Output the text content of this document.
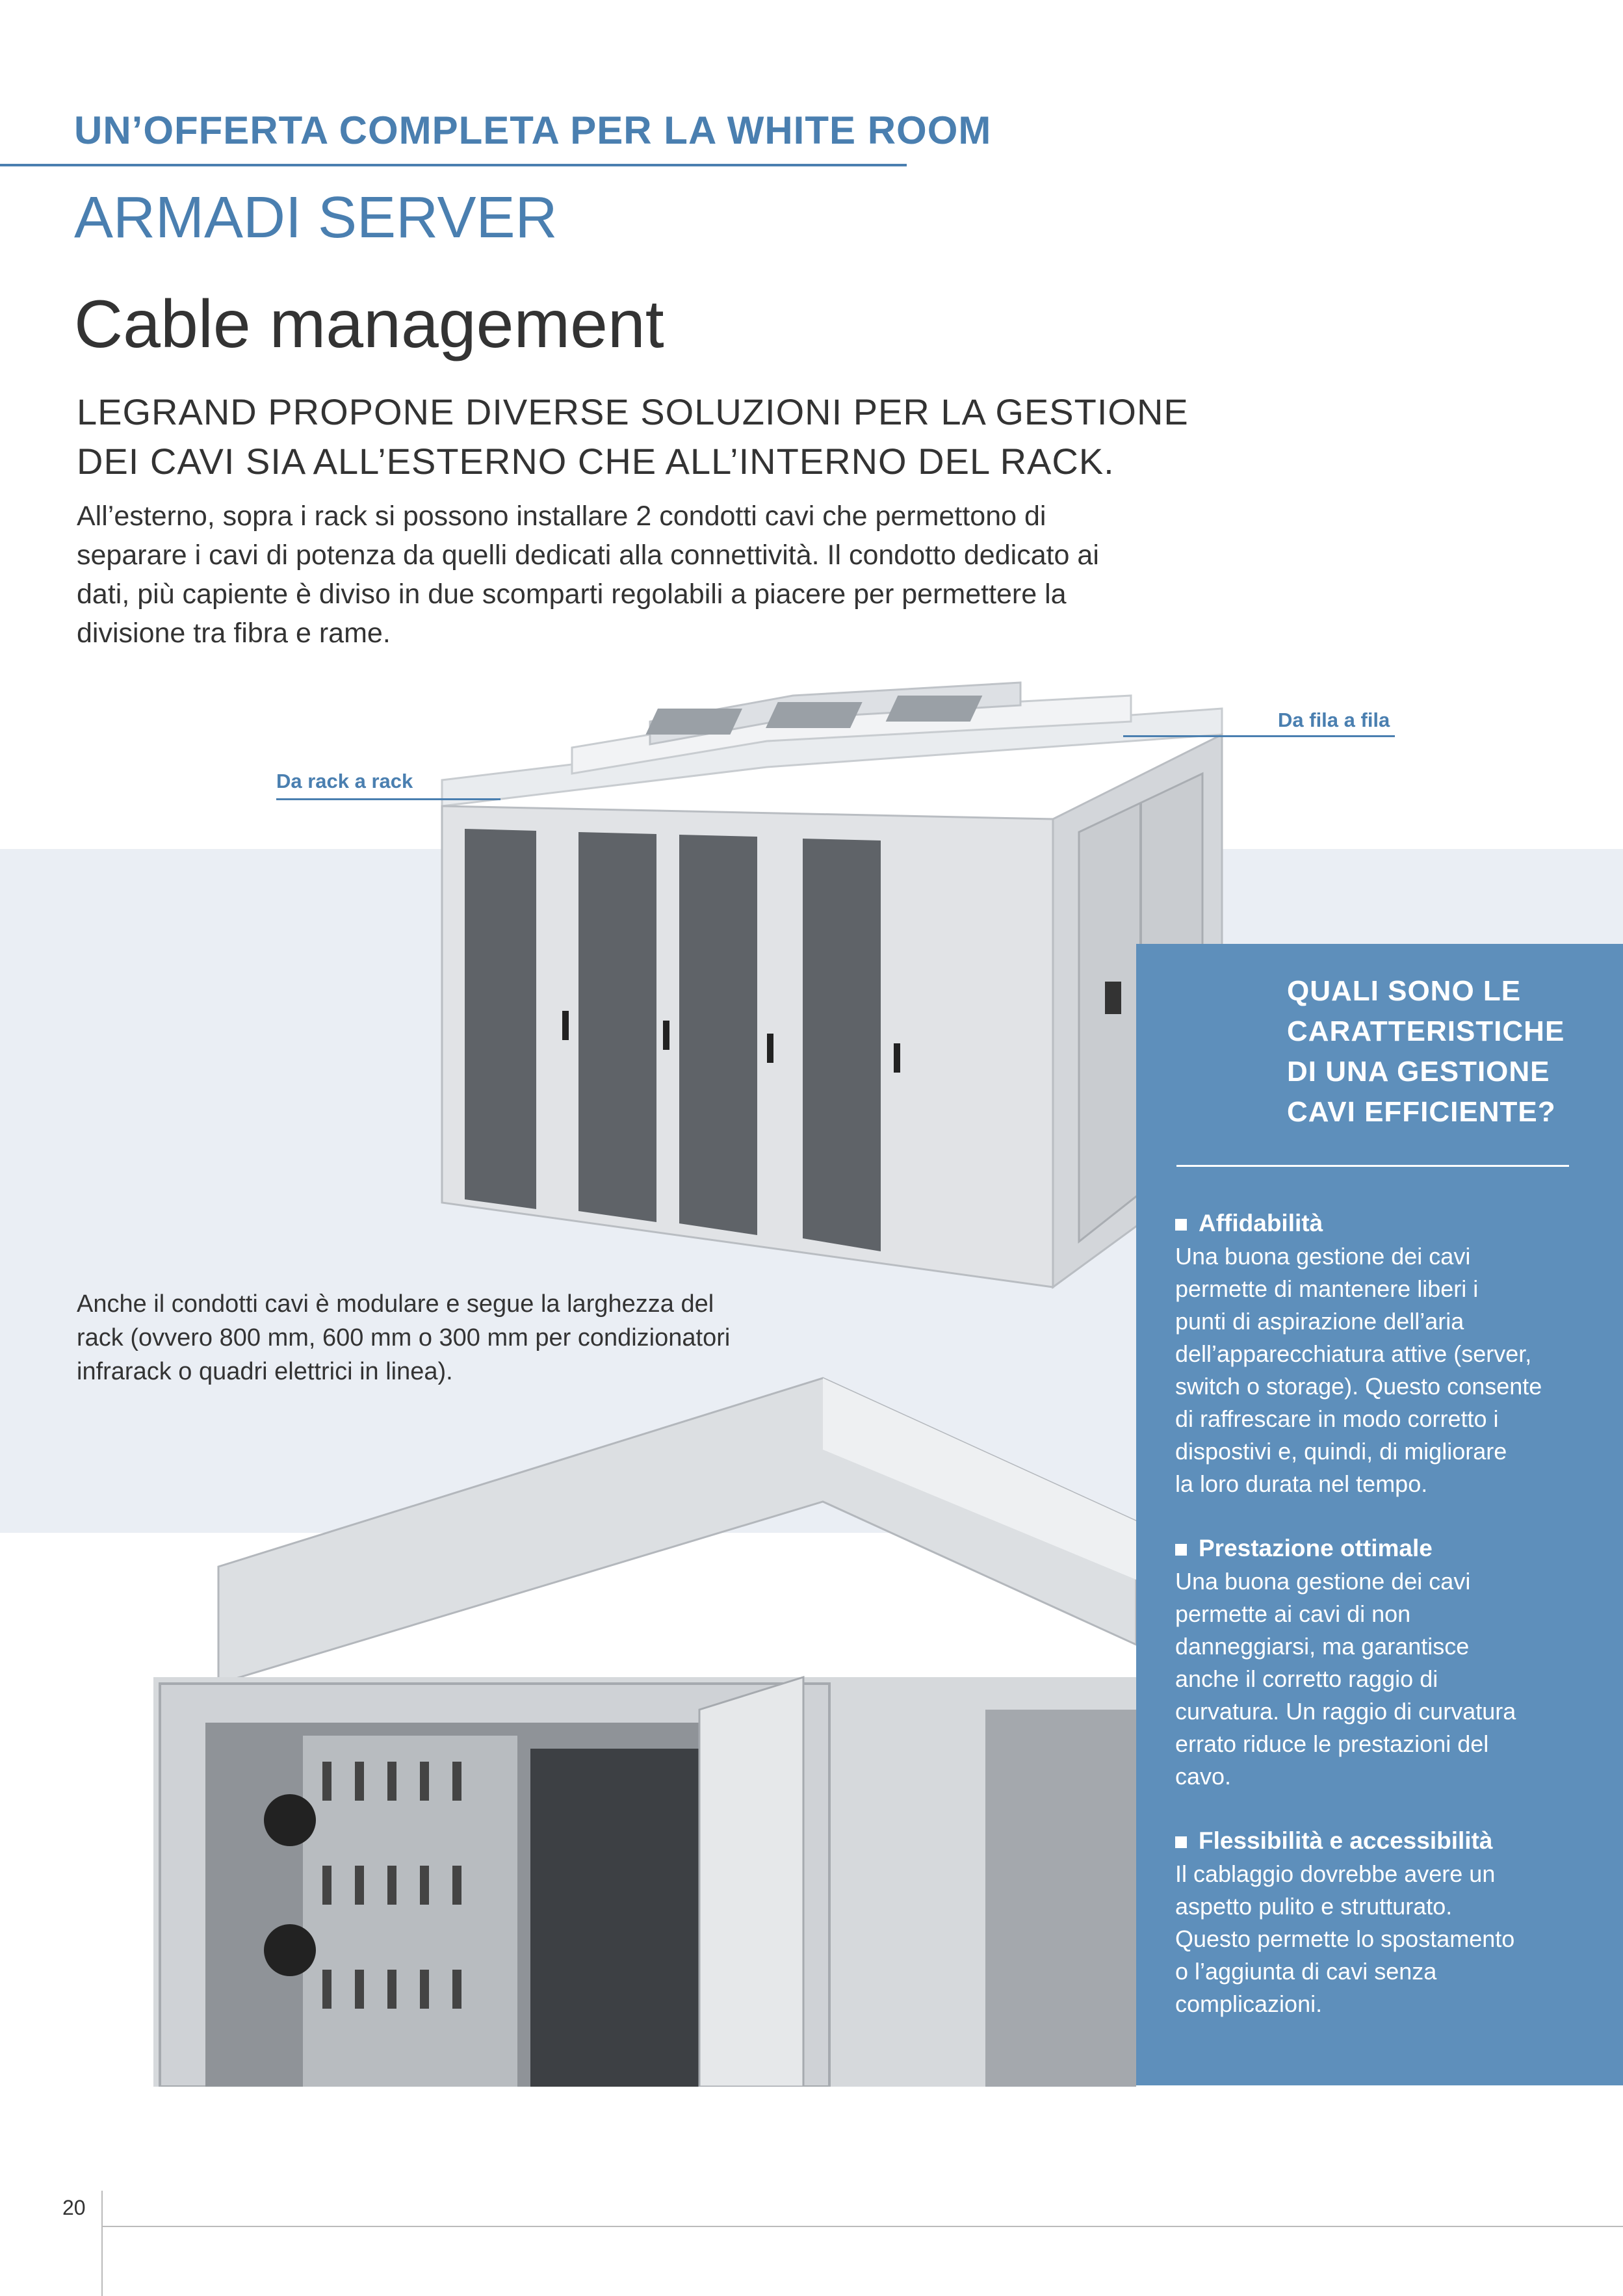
UN’OFFERTA COMPLETA PER LA WHITE ROOM
ARMADI SERVER
Cable management
LEGRAND PROPONE DIVERSE SOLUZIONI PER LA GESTIONE
DEI CAVI SIA ALL’ESTERNO CHE ALL’INTERNO DEL RACK.
All’esterno, sopra i rack si possono installare 2 condotti cavi che permettono di
separare i cavi di potenza da quelli dedicati alla connettività. Il condotto dedicato ai
dati, più capiente è diviso in due scomparti regolabili a piacere per permettere la
divisione tra fibra e rame.
Da rack a rack
Da fila a fila
Anche il condotti cavi è modulare e segue la larghezza del
rack (ovvero 800 mm, 600 mm o 300 mm per condizionatori
infrarack o quadri elettrici in linea).
QUALI SONO LE
CARATTERISTICHE
DI UNA GESTIONE
CAVI EFFICIENTE?
Affidabilità
Una buona gestione dei cavi
permette di mantenere liberi i
punti di aspirazione dell’aria
dell’apparecchiatura attive (server,
switch o storage). Questo consente
di raffrescare in modo corretto i
dispostivi e, quindi, di migliorare
la loro durata nel tempo.
Prestazione ottimale
Una buona gestione dei cavi
permette ai cavi di non
danneggiarsi, ma garantisce
anche il corretto raggio di
curvatura. Un raggio di curvatura
errato riduce le prestazioni del
cavo.
Flessibilità e accessibilità
Il cablaggio dovrebbe avere un
aspetto pulito e strutturato.
Questo permette lo spostamento
o l’aggiunta di cavi senza
complicazioni.
20
